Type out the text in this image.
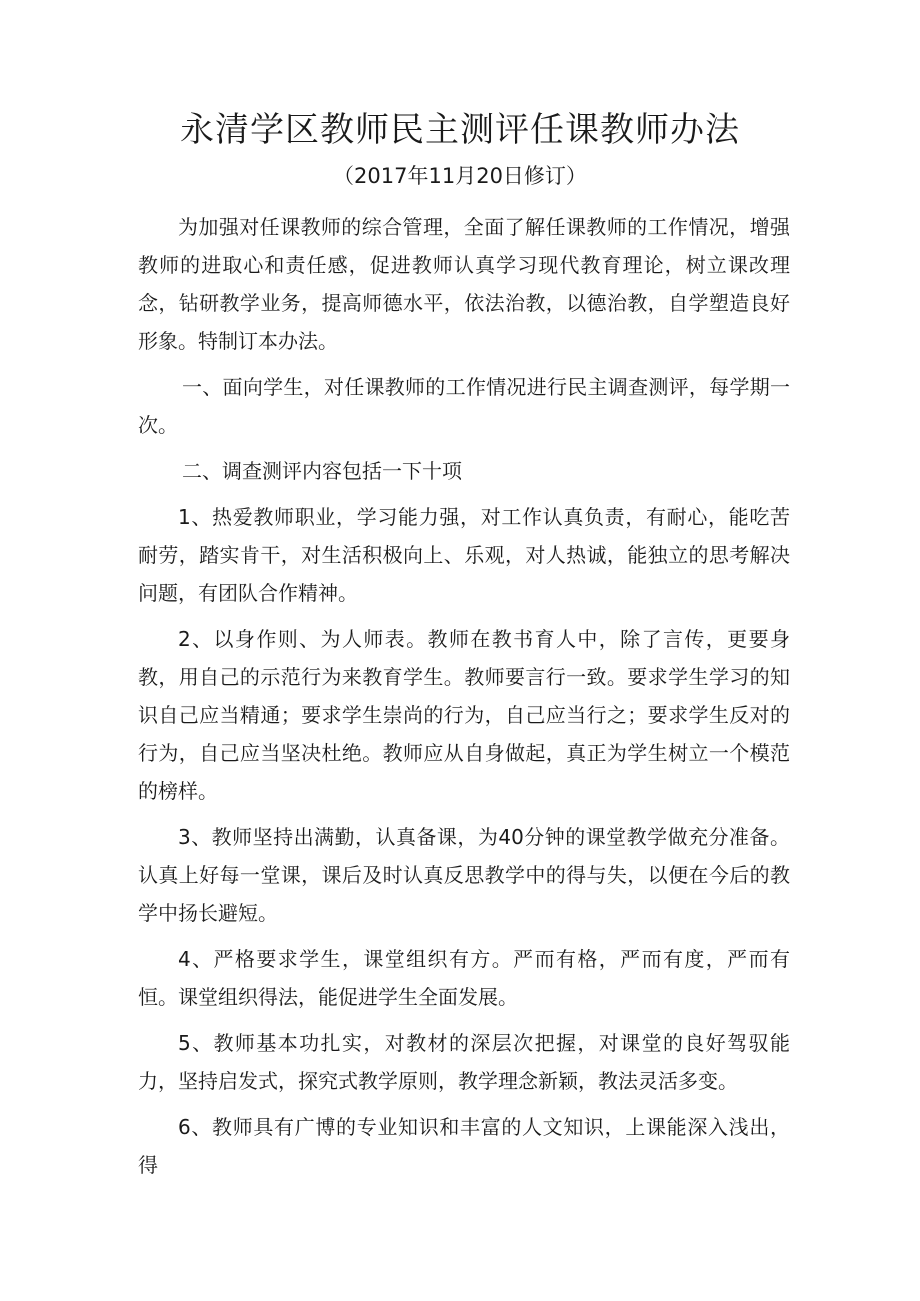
永清学区教师民主测评任课教师办法
（2017年11月20日修订）

为加强对任课教师的综合管理，全面了解任课教师的工作情况，增强教师的进取心和责任感，促进教师认真学习现代教育理论，树立课改理念，钻研教学业务，提高师德水平，依法治教，以德治教，自学塑造良好形象。特制订本办法。

一、面向学生，对任课教师的工作情况进行民主调查测评，每学期一次。

二、调查测评内容包括一下十项

1、热爱教师职业，学习能力强，对工作认真负责，有耐心，能吃苦耐劳，踏实肯干，对生活积极向上、乐观，对人热诚，能独立的思考解决问题，有团队合作精神。

2、以身作则、为人师表。教师在教书育人中，除了言传，更要身教，用自己的示范行为来教育学生。教师要言行一致。要求学生学习的知识自己应当精通；要求学生崇尚的行为，自己应当行之；要求学生反对的行为，自己应当坚决杜绝。教师应从自身做起，真正为学生树立一个模范的榜样。

3、教师坚持出满勤，认真备课，为40分钟的课堂教学做充分准备。认真上好每一堂课，课后及时认真反思教学中的得与失，以便在今后的教学中扬长避短。

4、严格要求学生，课堂组织有方。严而有格，严而有度，严而有恒。课堂组织得法，能促进学生全面发展。

5、教师基本功扎实，对教材的深层次把握，对课堂的良好驾驭能力，坚持启发式，探究式教学原则，教学理念新颖，教法灵活多变。

6、教师具有广博的专业知识和丰富的人文知识，上课能深入浅出，得
